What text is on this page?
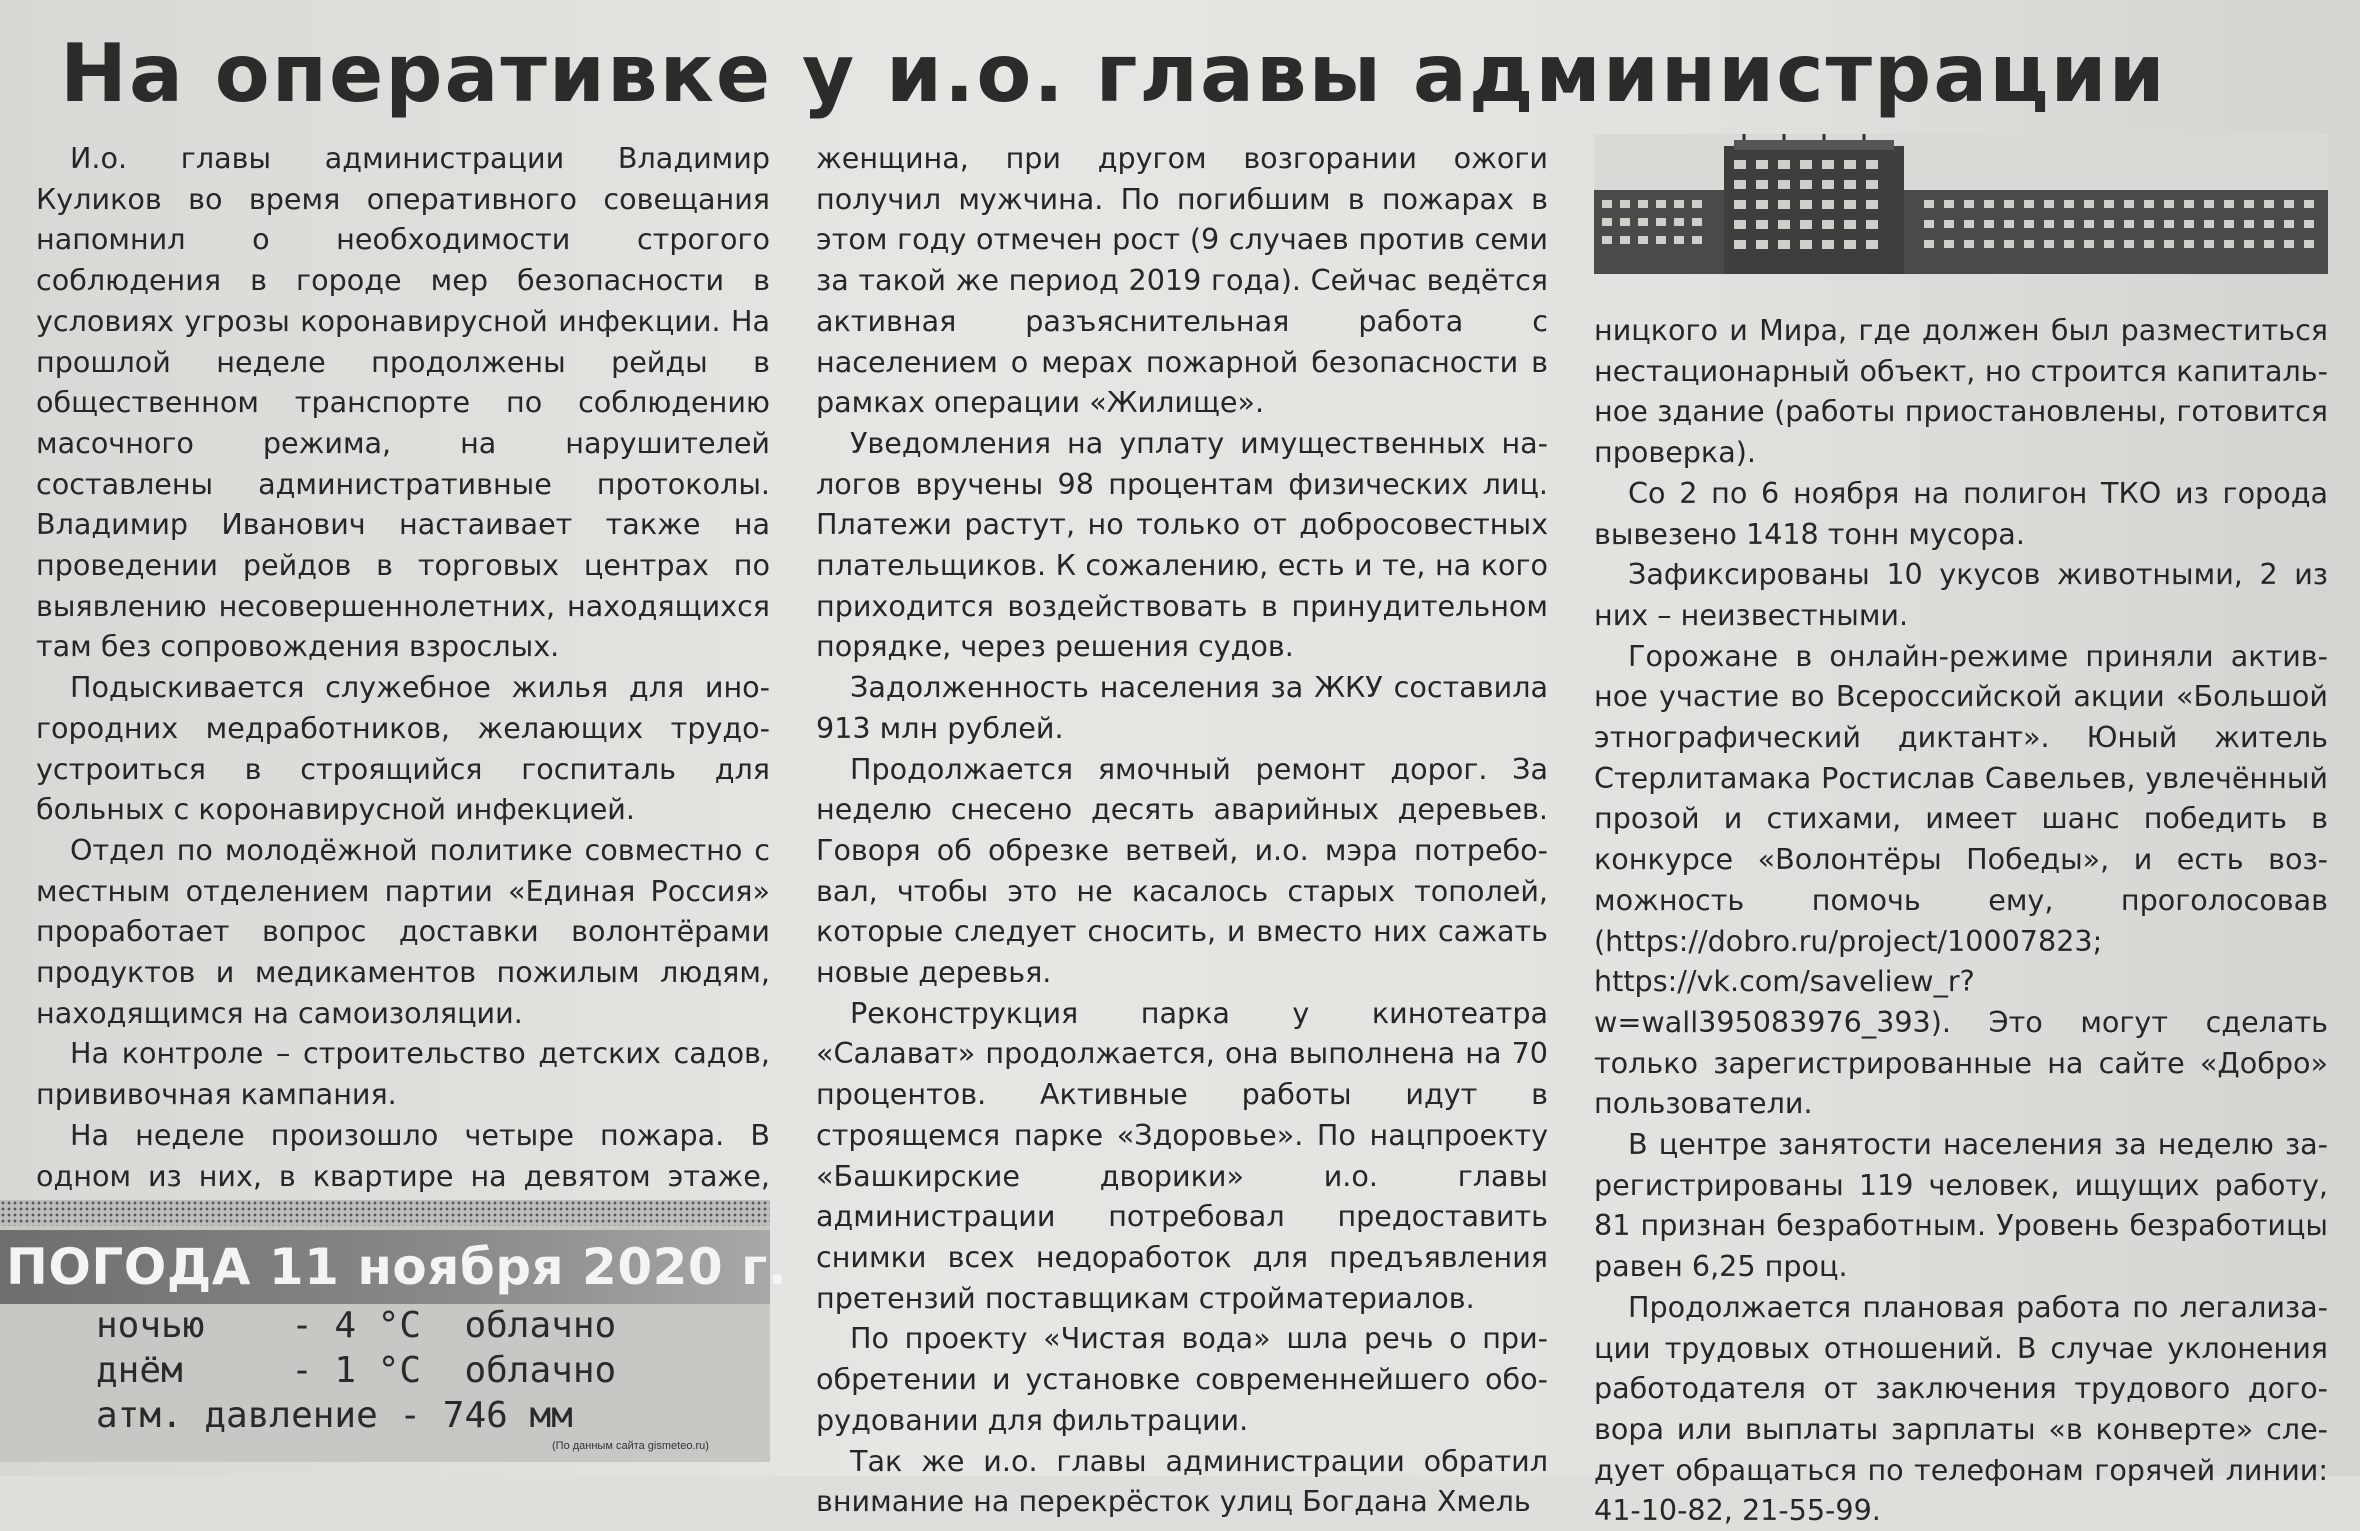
На оперативке у и.о. главы администрации

И.о. главы администрации Владимир Куликов во время оперативного совещания напомнил о необходимости строгого соблюдения в городе мер безопасности в условиях угрозы коронавирусной инфекции. На прошлой неделе продолжены рейды в общественном транспорте по соблюдению масочного режима, на нарушителей составлены административные протоколы. Владимир Иванович настаивает также на проведении рейдов в торговых центрах по выявлению несовершеннолетних, находящихся там без сопровождения взрослых.

Подыскивается служебное жилья для иногородних медработников, желающих трудоустроиться в строящийся госпиталь для больных с коронавирусной инфекцией.

Отдел по молодёжной политике совместно с местным отделением партии «Единая Россия» проработает вопрос доставки волонтёрами продуктов и медикаментов пожилым людям, находящимся на самоизоляции.

На контроле – строительство детских садов, прививочная кампания.

На неделе произошло четыре пожара. В одном из них, в квартире на девятом этаже,

женщина, при другом возгорании ожоги получил мужчина. По погибшим в пожарах в этом году отмечен рост (9 случаев против семи за такой же период 2019 года). Сейчас ведётся активная разъяснительная работа с населением о мерах пожарной безопасности в рамках операции «Жилище».

Уведомления на уплату имущественных налогов вручены 98 процентам физических лиц. Платежи растут, но только от добросовестных плательщиков. К сожалению, есть и те, на кого приходится воздействовать в принудительном порядке, через решения судов.

Задолженность населения за ЖКУ составила 913 млн рублей.

Продолжается ямочный ремонт дорог. За неделю снесено десять аварийных деревьев. Говоря об обрезке ветвей, и.о. мэра потребовал, чтобы это не касалось старых тополей, которые следует сносить, и вместо них сажать новые деревья.

Реконструкция парка у кинотеатра «Салават» продолжается, она выполнена на 70 процентов. Активные работы идут в строящемся парке «Здоровье». По нацпроекту «Башкирские дворики» и.о. главы администрации потребовал предоставить снимки всех недоработок для предъявления претензий поставщикам стройматериалов.

По проекту «Чистая вода» шла речь о приобретении и установке современнейшего оборудовании для фильтрации.

Так же и.о. главы администрации обратил внимание на перекрёсток улиц Богдана Хмель

ницкого и Мира, где должен был разместиться нестационарный объект, но строится капитальное здание (работы приостановлены, готовится проверка).

Со 2 по 6 ноября на полигон ТКО из города вывезено 1418 тонн мусора.

Зафиксированы 10 укусов животными, 2 из них – неизвестными.

Горожане в онлайн-режиме приняли активное участие во Всероссийской акции «Большой этнографический диктант». Юный житель Стерлитамака Ростислав Савельев, увлечённый прозой и стихами, имеет шанс победить в конкурсе «Волонтёры Победы», и есть возможность помочь ему, проголосовав (https://dobro.ru/project/10007823; https://vk.com/saveliew_r?w=wall395083976_393). Это могут сделать только зарегистрированные на сайте «Добро» пользователи.

В центре занятости населения за неделю зарегистрированы 119 человек, ищущих работу, 81 признан безработным. Уровень безработицы равен 6,25 проц.

Продолжается плановая работа по легализации трудовых отношений. В случае уклонения работодателя от заключения трудового договора или выплаты зарплаты «в конверте» следует обращаться по телефонам горячей линии: 41-10-82, 21-55-99.

ПОГОДА 11 ноября 2020 г.
ночью    - 4 °С  облачно
днём     - 1 °С  облачно
атм. давление - 746 мм
(По данным сайта gismeteo.ru)
